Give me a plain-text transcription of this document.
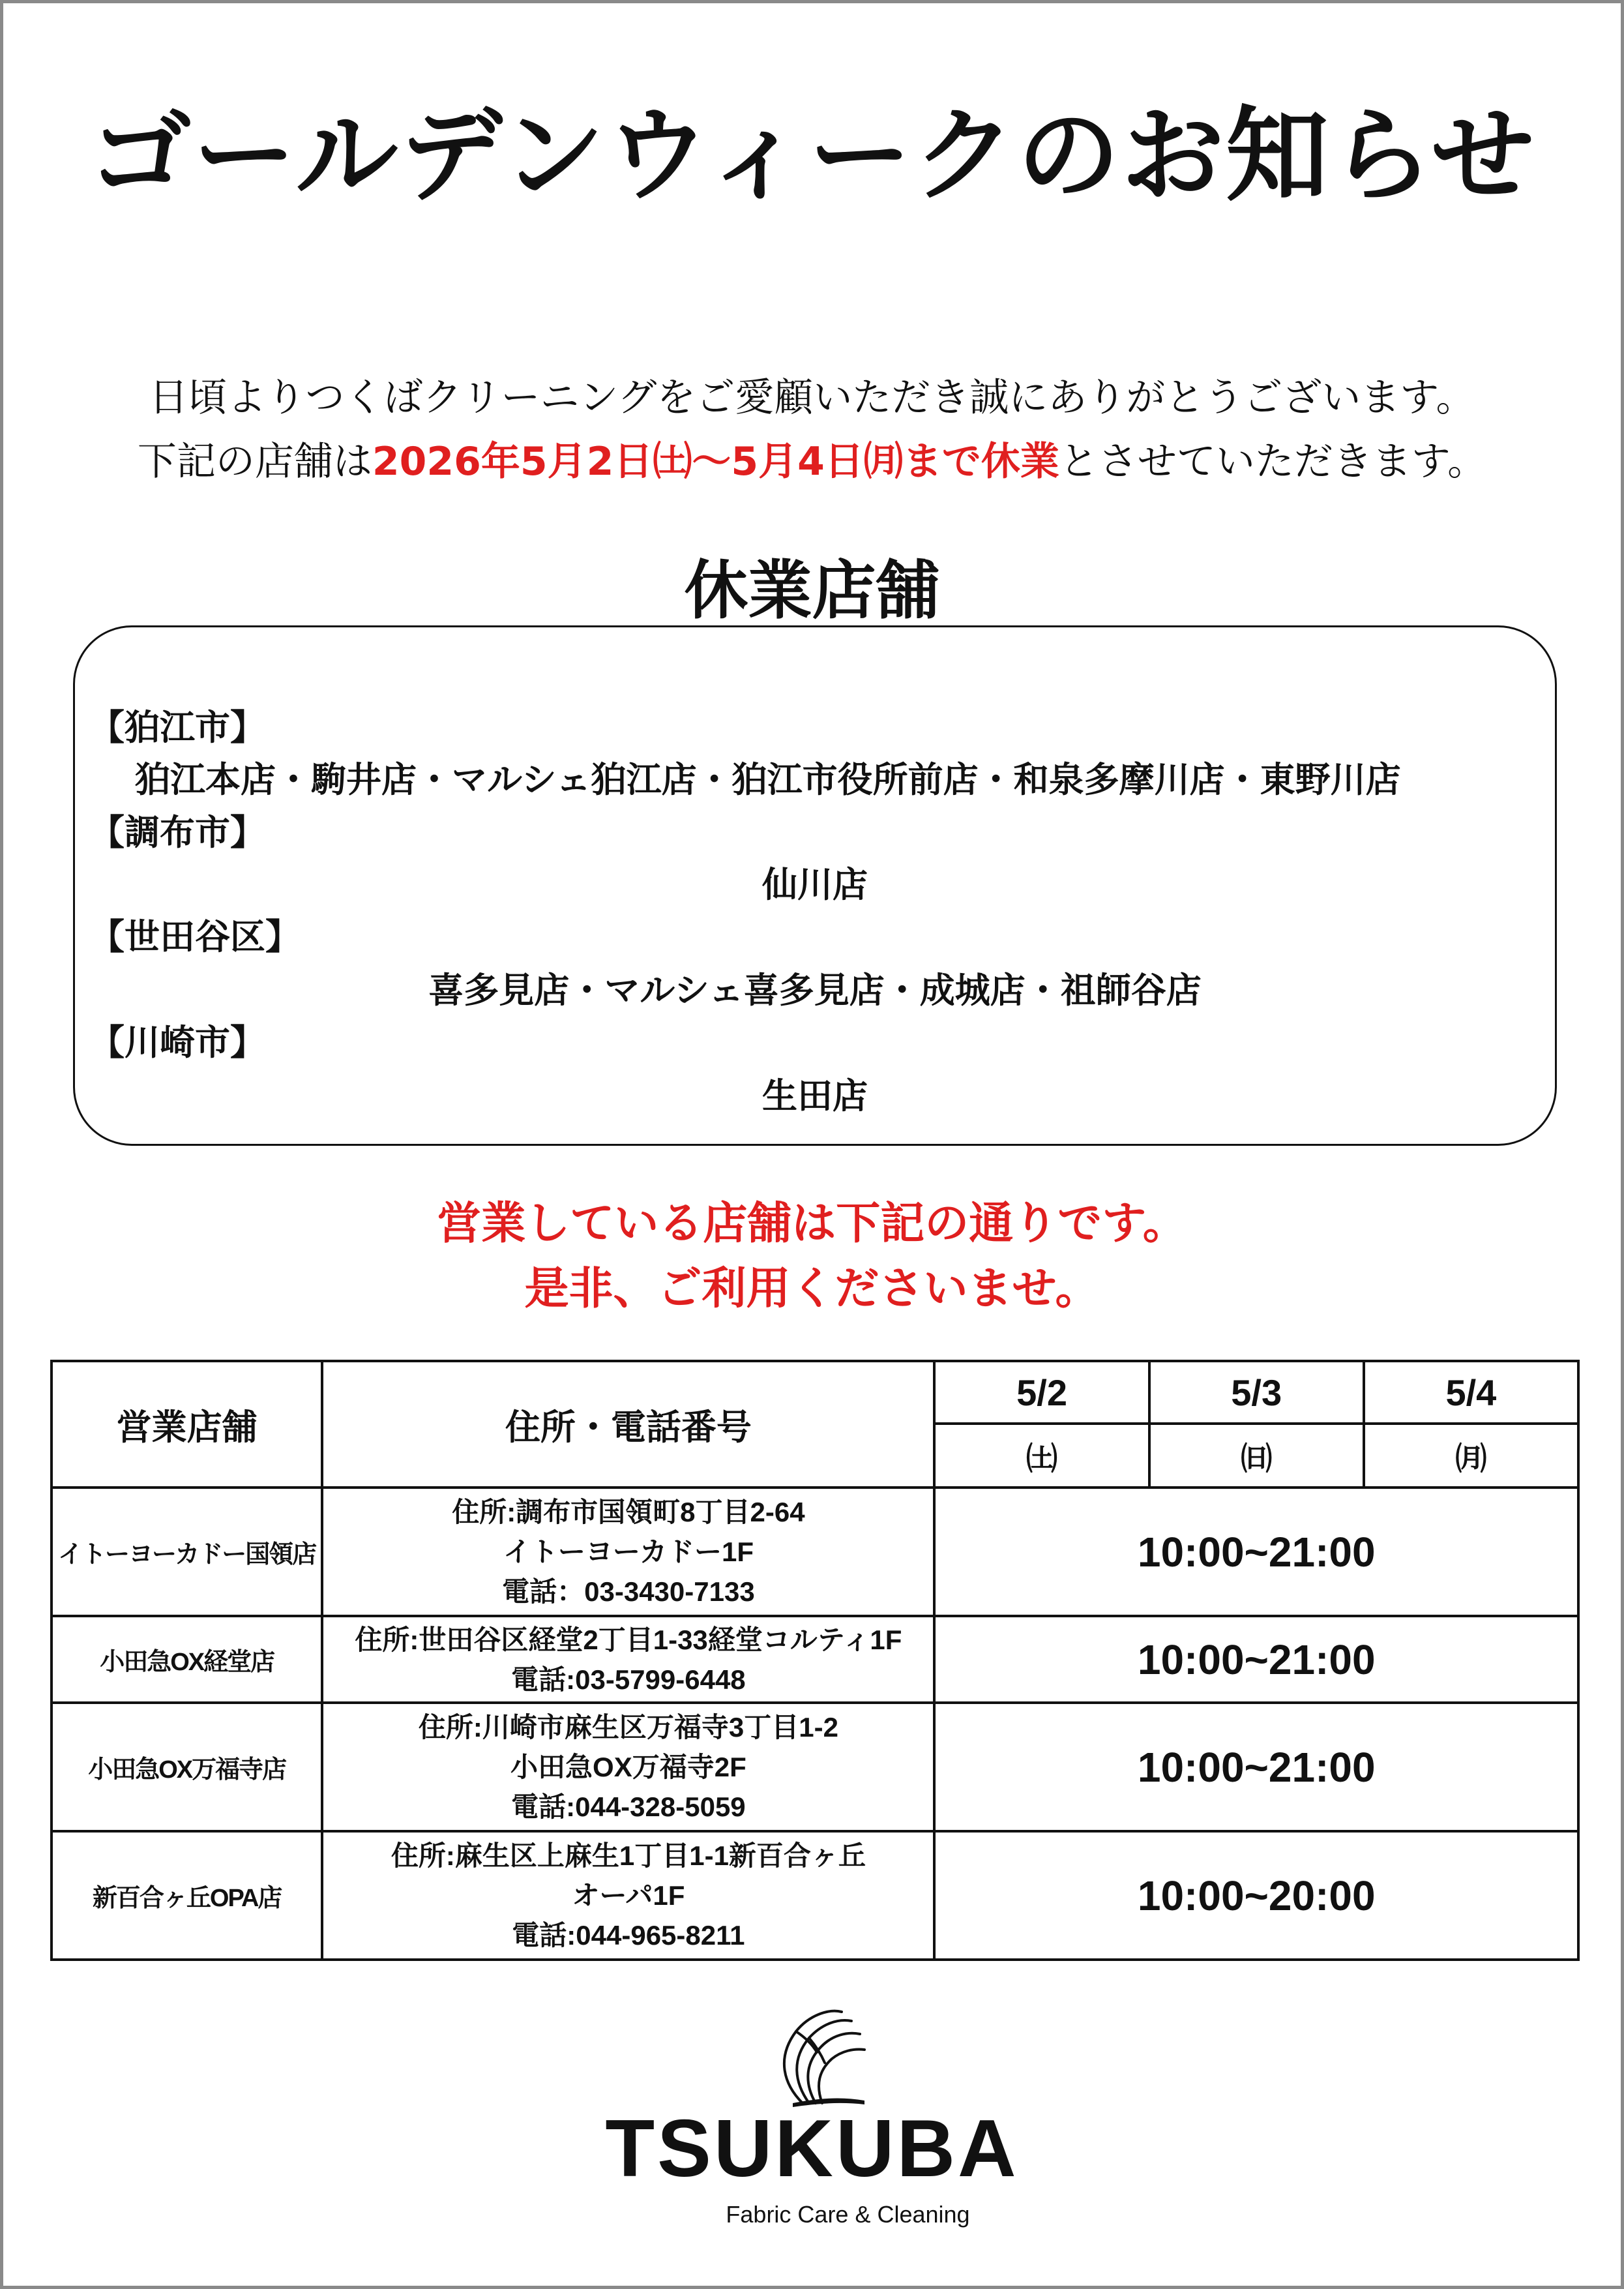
ゴールデンウィークのお知らせ
日頃よりつくばクリーニングをご愛顧いただき誠にありがとうございます。
下記の店舗は2026年5月2日㈯〜5月4日㈪まで休業とさせていただきます。
休業店舗
【狛江市】
狛江本店・駒井店・マルシェ狛江店・狛江市役所前店・和泉多摩川店・東野川店
【調布市】
仙川店
【世田谷区】
喜多見店・マルシェ喜多見店・成城店・祖師谷店
【川崎市】
生田店
営業している店舗は下記の通りです。
是非、ご利用くださいませ。
営業店舗	住所・電話番号	5/2	5/3	5/4
		㈯	㈰	㈪
イトーヨーカドー国領店	住所:調布市国領町8丁目2-64
イトーヨーカドー1F
電話：03-3430-7133	10:00~21:00		
小田急OX経堂店	住所:世田谷区経堂2丁目1-33経堂コルティ1F
電話:03-5799-6448	10:00~21:00		
小田急OX万福寺店	住所:川崎市麻生区万福寺3丁目1-2
小田急OX万福寺2F
電話:044-328-5059	10:00~21:00		
新百合ヶ丘OPA店	住所:麻生区上麻生1丁目1-1新百合ヶ丘
オーパ1F
電話:044-965-8211	10:00~20:00		
TSUKUBA
Fabric Care & Cleaning
